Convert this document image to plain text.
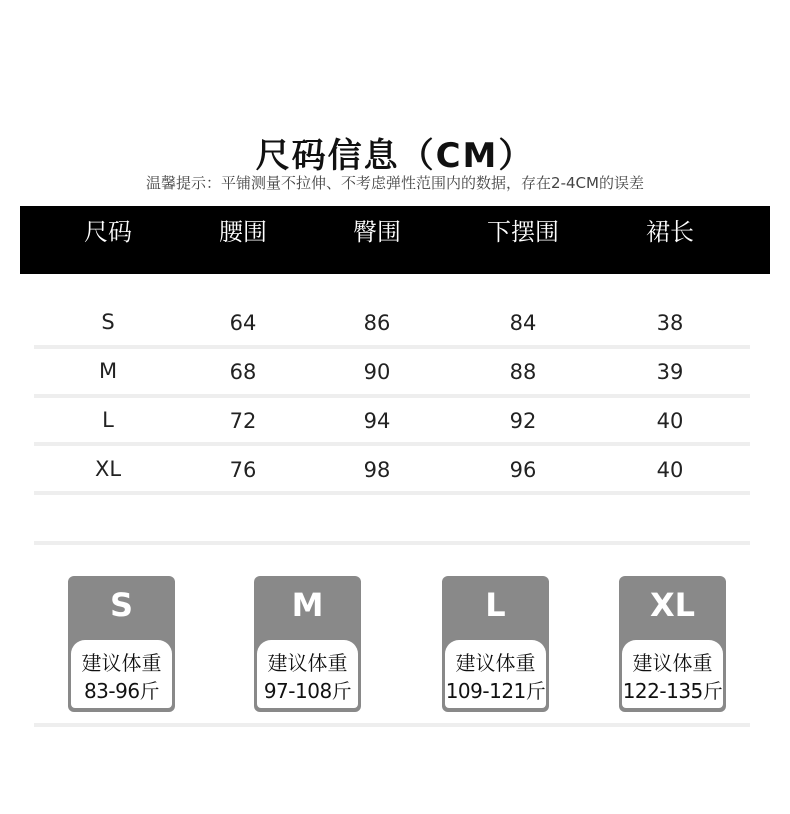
尺码信息（CM）
温馨提示：平铺测量不拉伸、不考虑弹性范围内的数据，存在2-4CM的误差
尺码	腰围	臀围	下摆围	裙长
S	64	86	84	38
M	68	90	88	39
L	72	94	92	40
XL	76	98	96	40
S
建议体重
83-96斤
M
建议体重
97-108斤
L
建议体重
109-121斤
XL
建议体重
122-135斤
